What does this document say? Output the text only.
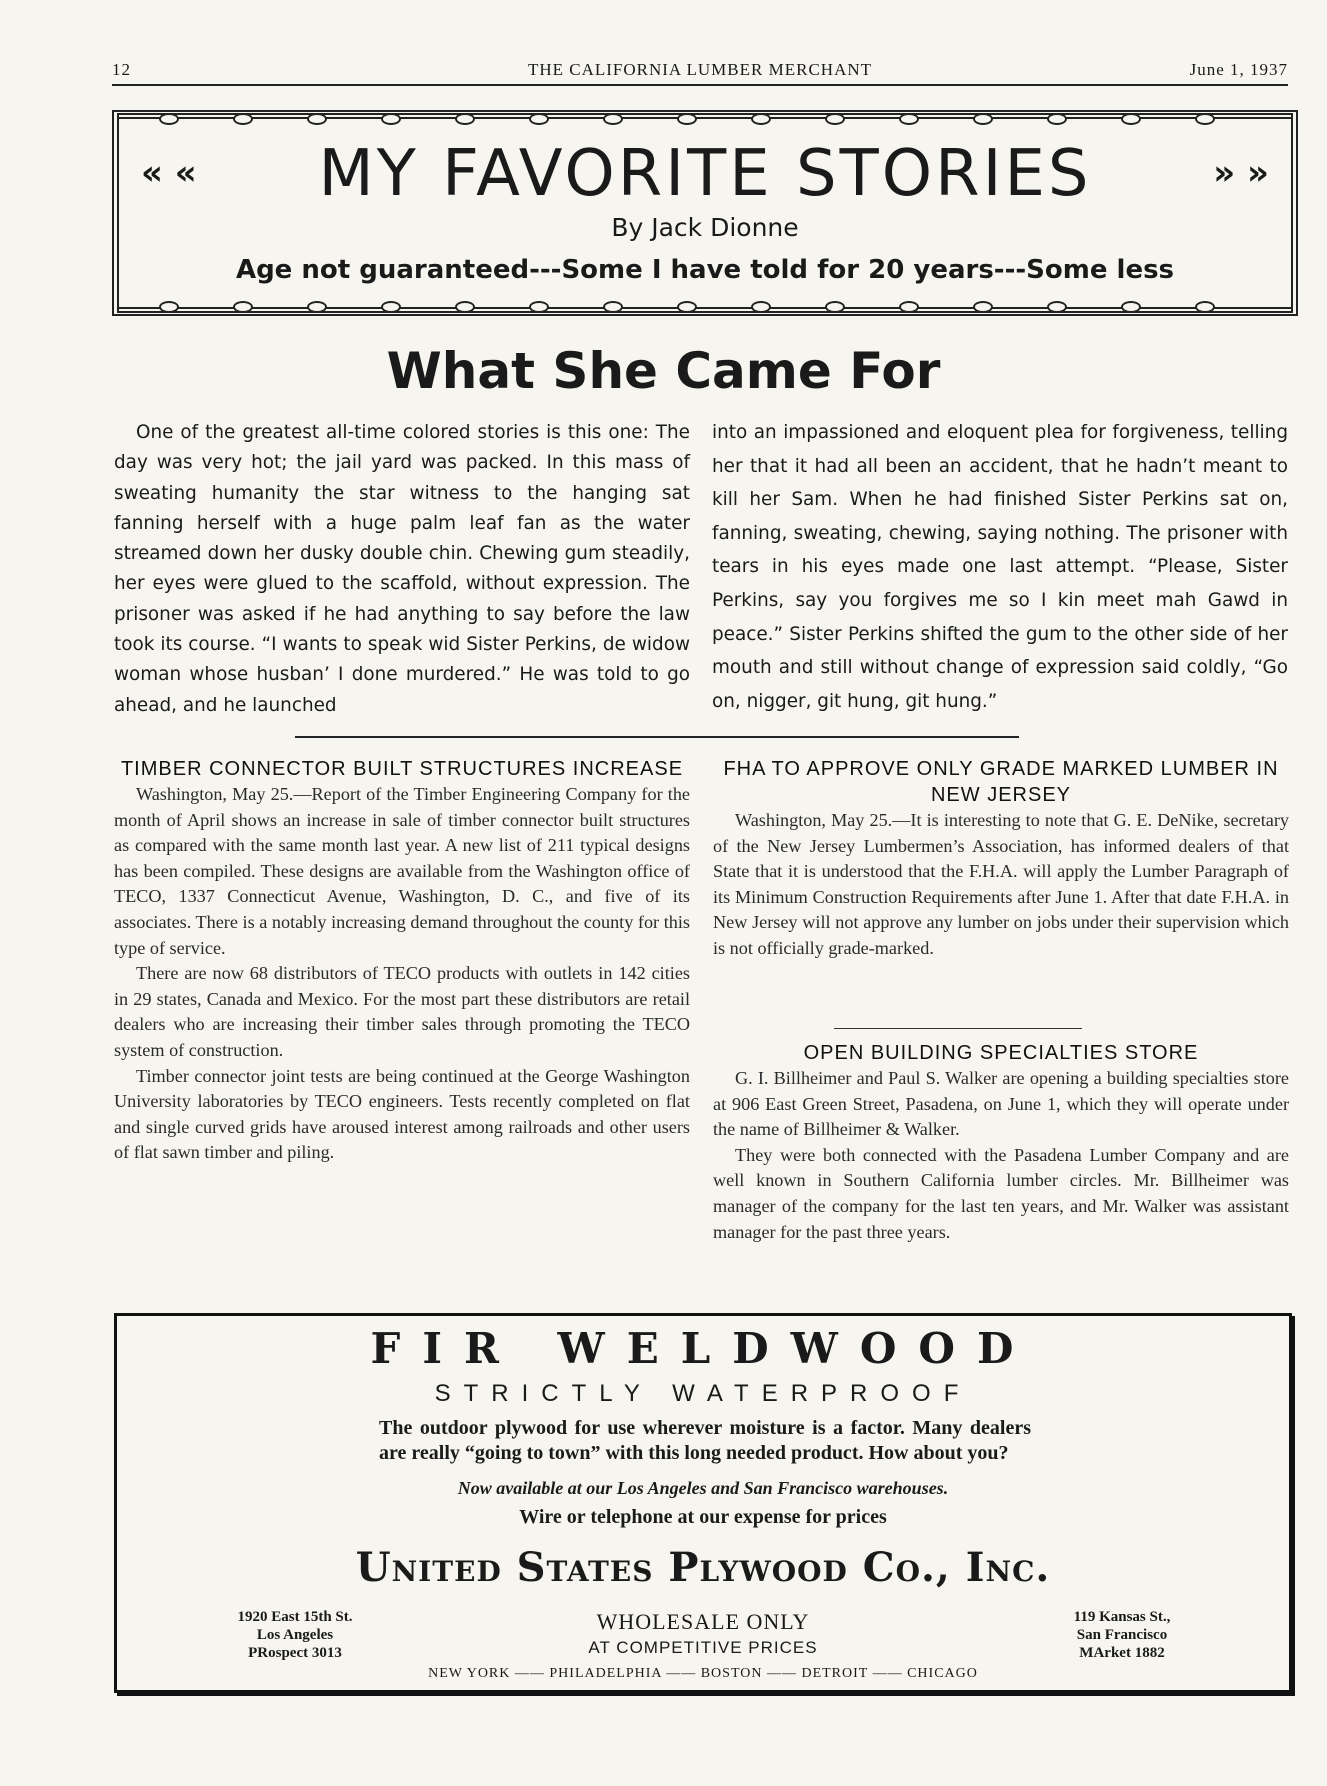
12	THE CALIFORNIA LUMBER MERCHANT	June 1, 1937
« «	MY FAVORITE STORIES	» »
By Jack Dionne
Age not guaranteed---Some I have told for 20 years---Some less
What She Came For

One of the greatest all-time colored stories is this one: The day was very hot; the jail yard was packed. In this mass of sweating humanity the star witness to the hanging sat fanning herself with a huge palm leaf fan as the water streamed down her dusky double chin. Chewing gum steadily, her eyes were glued to the scaffold, without expression. The prisoner was asked if he had anything to say before the law took its course. “I wants to speak wid Sister Perkins, de widow woman whose husban’ I done murdered.” He was told to go ahead, and he launched

into an impassioned and eloquent plea for forgiveness, telling her that it had all been an accident, that he hadn’t meant to kill her Sam. When he had finished Sister Perkins sat on, fanning, sweating, chewing, saying nothing. The prisoner with tears in his eyes made one last attempt. “Please, Sister Perkins, say you forgives me so I kin meet mah Gawd in peace.” Sister Perkins shifted the gum to the other side of her mouth and still without change of expression said coldly, “Go on, nigger, git hung, git hung.”

TIMBER CONNECTOR BUILT STRUCTURES INCREASE

Washington, May 25.—Report of the Timber Engineering Company for the month of April shows an increase in sale of timber connector built structures as compared with the same month last year. A new list of 211 typical designs has been compiled. These designs are available from the Washington office of TECO, 1337 Connecticut Avenue, Washington, D. C., and five of its associates. There is a notably increasing demand throughout the county for this type of service.

There are now 68 distributors of TECO products with outlets in 142 cities in 29 states, Canada and Mexico. For the most part these distributors are retail dealers who are increasing their timber sales through promoting the TECO system of construction.

Timber connector joint tests are being continued at the George Washington University laboratories by TECO engineers. Tests recently completed on flat and single curved grids have aroused interest among railroads and other users of flat sawn timber and piling.

FHA TO APPROVE ONLY GRADE MARKED LUMBER IN NEW JERSEY

Washington, May 25.—It is interesting to note that G. E. DeNike, secretary of the New Jersey Lumbermen’s Association, has informed dealers of that State that it is understood that the F.H.A. will apply the Lumber Paragraph of its Minimum Construction Requirements after June 1. After that date F.H.A. in New Jersey will not approve any lumber on jobs under their supervision which is not officially grade-marked.

OPEN BUILDING SPECIALTIES STORE

G. I. Billheimer and Paul S. Walker are opening a building specialties store at 906 East Green Street, Pasadena, on June 1, which they will operate under the name of Billheimer & Walker.

They were both connected with the Pasadena Lumber Company and are well known in Southern California lumber circles. Mr. Billheimer was manager of the company for the last ten years, and Mr. Walker was assistant manager for the past three years.

FIR WELDWOOD
STRICTLY WATERPROOF
The outdoor plywood for use wherever moisture is a factor. Many dealers are really “going to town” with this long needed product. How about you?
Now available at our Los Angeles and San Francisco warehouses.
Wire or telephone at our expense for prices
United States Plywood Co., Inc.
1920 East 15th St.
Los Angeles
PRospect 3013
WHOLESALE ONLY
AT COMPETITIVE PRICES
119 Kansas St.,
San Francisco
MArket 1882
NEW YORK —— PHILADELPHIA —— BOSTON —— DETROIT —— CHICAGO
